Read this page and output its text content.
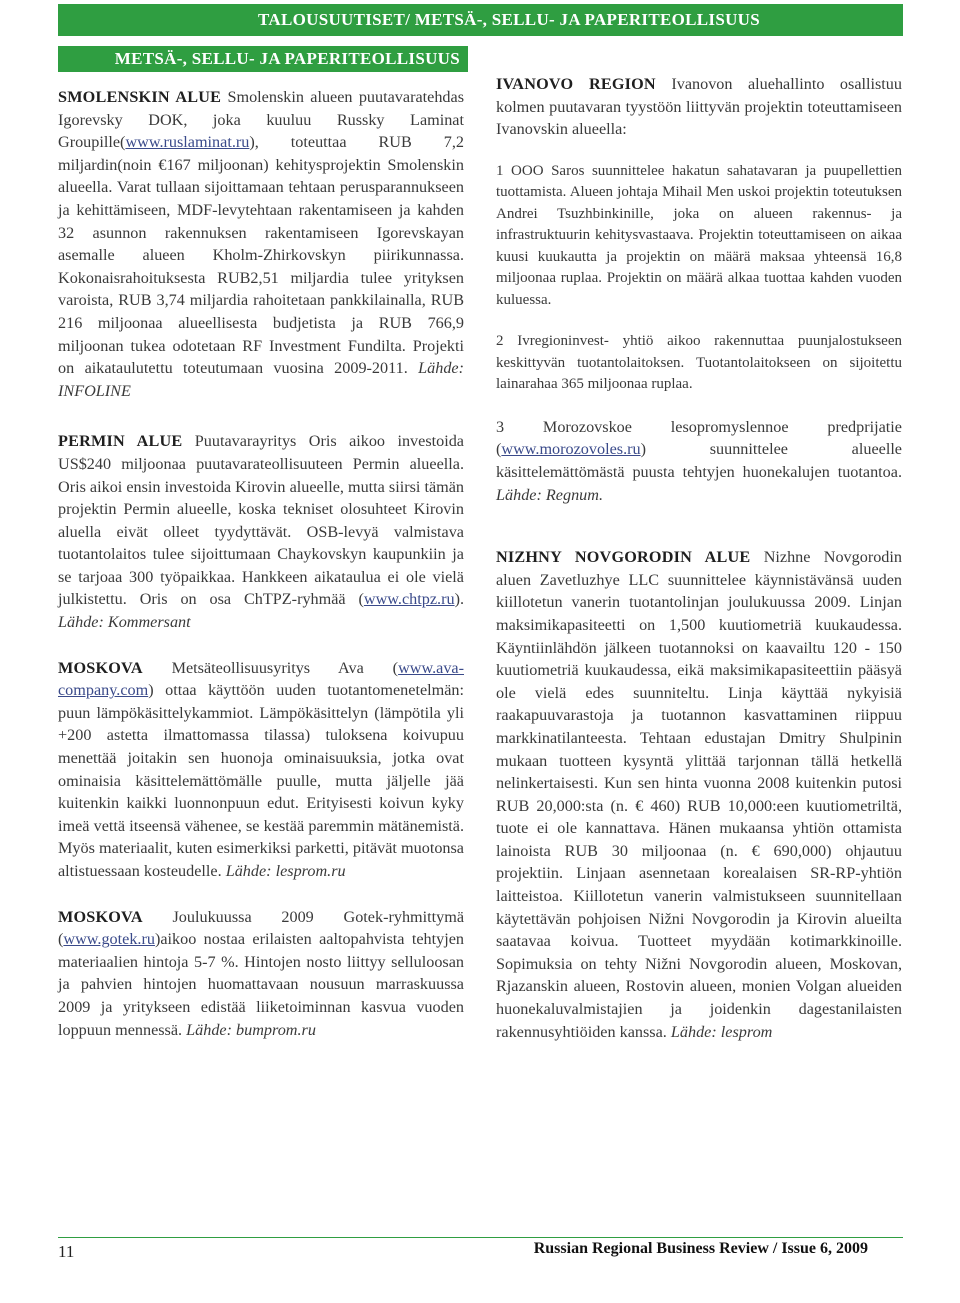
TALOUSUUTISET/ METSÄ-, SELLU- JA PAPERITEOLLISUUS
METSÄ-, SELLU- JA PAPERITEOLLISUUS

SMOLENSKIN ALUE Smolenskin alueen puutavaratehdas Igorevsky DOK, joka kuuluu Russky Laminat Groupille(www.ruslaminat.ru), toteuttaa RUB 7,2 miljardin(noin €167 miljoonan) kehitysprojektin Smolenskin alueella. Varat tullaan sijoittamaan tehtaan perusparannukseen ja kehittämiseen, MDF-levytehtaan rakentamiseen ja kahden 32 asunnon rakennuksen rakentamiseen Igorevskayan asemalle alueen Kholm-Zhirkovskyn piirikunnassa. Kokonaisrahoituksesta RUB2,51 miljardia tulee yrityksen varoista, RUB 3,74 miljardia rahoitetaan pankkilainalla, RUB 216 miljoonaa alueellisesta budjetista ja RUB 766,9 miljoonan tukea odotetaan RF Investment Fundilta. Projekti on aikataulutettu toteutumaan vuosina 2009-2011. Lähde: INFOLINE

PERMIN ALUE Puutavarayritys Oris aikoo investoida US$240 miljoonaa puutavarateollisuuteen Permin alueella. Oris aikoi ensin investoida Kirovin alueelle, mutta siirsi tämän projektin Permin alueelle, koska tekniset olosuhteet Kirovin aluella eivät olleet tyydyttävät. OSB-levyä valmistava tuotantolaitos tulee sijoittumaan Chaykovskyn kaupunkiin ja se tarjoaa 300 työpaikkaa. Hankkeen aikataulua ei ole vielä julkistettu. Oris on osa ChTPZ-ryhmää (www.chtpz.ru). Lähde: Kommersant

MOSKOVA Metsäteollisuusyritys Ava (www.ava-company.com) ottaa käyttöön uuden tuotantomenetelmän: puun lämpökäsittelykammiot. Lämpökäsittelyn (lämpötila yli +200 astetta ilmattomassa tilassa) tuloksena koivupuu menettää joitakin sen huonoja ominaisuuksia, jotka ovat ominaisia käsittelemättömälle puulle, mutta jäljelle jää kuitenkin kaikki luonnonpuun edut. Erityisesti koivun kyky imeä vettä itseensä vähenee, se kestää paremmin mätänemistä. Myös materiaalit, kuten esimerkiksi parketti, pitävät muotonsa altistuessaan kosteudelle. Lähde: lesprom.ru

MOSKOVA Joulukuussa 2009 Gotek-ryhmittymä (www.gotek.ru)aikoo nostaa erilaisten aaltopahvista tehtyjen materiaalien hintoja 5-7 %. Hintojen nosto liittyy selluloosan ja pahvien hintojen huomattavaan nousuun marraskuussa 2009 ja yritykseen edistää liiketoiminnan kasvua vuoden loppuun mennessä. Lähde: bumprom.ru

IVANOVO REGION Ivanovon aluehallinto osallistuu kolmen puutavaran tyystöön liittyvän projektin toteuttamiseen Ivanovskin alueella:

1 OOO Saros suunnittelee hakatun sahatavaran ja puupellettien tuottamista. Alueen johtaja Mihail Men uskoi projektin toteutuksen Andrei Tsuzhbinkinille, joka on alueen rakennus- ja infrastruktuurin kehitysvastaava. Projektin toteuttamiseen on aikaa kuusi kuukautta ja projektin on määrä maksaa yhteensä 16,8 miljoonaa ruplaa. Projektin on määrä alkaa tuottaa kahden vuoden kuluessa.

2 Ivregioninvest- yhtiö aikoo rakennuttaa puunjalostukseen keskittyvän tuotantolaitoksen. Tuotantolaitokseen on sijoitettu lainarahaa 365 miljoonaa ruplaa.

3 Morozovskoe lesopromyslennoe predprijatie (www.morozovoles.ru) suunnittelee alueelle käsittelemättömästä puusta tehtyjen huonekalujen tuotantoa. Lähde: Regnum.

NIZHNY NOVGORODIN ALUE Nizhne Novgorodin aluen Zavetluzhye LLC suunnittelee käynnistävänsä uuden kiillotetun vanerin tuotantolinjan joulukuussa 2009. Linjan maksimikapasiteetti on 1,500 kuutiometriä kuukaudessa. Käyntiinlähdön jälkeen tuotannoksi on kaavailtu 120 - 150 kuutiometriä kuukaudessa, eikä maksimikapasiteettiin pääsyä ole vielä edes suunniteltu. Linja käyttää nykyisiä raakapuuvarastoja ja tuotannon kasvattaminen riippuu markkinatilanteesta. Tehtaan edustajan Dmitry Shulpinin mukaan tuotteen kysyntä ylittää tarjonnan tällä hetkellä nelinkertaisesti. Kun sen hinta vuonna 2008 kuitenkin putosi RUB 20,000:sta (n. € 460) RUB 10,000:een kuutiometriltä, tuote ei ole kannattava. Hänen mukaansa yhtiön ottamista lainoista RUB 30 miljoonaa (n. € 690,000) ohjautuu projektiin. Linjaan asennetaan korealaisen SR-RP-yhtiön laitteistoa. Kiillotetun vanerin valmistukseen suunnitellaan käytettävän pohjoisen Nižni Novgorodin ja Kirovin alueilta saatavaa koivua. Tuotteet myydään kotimarkkinoille. Sopimuksia on tehty Nižni Novgorodin alueen, Moskovan, Rjazanskin alueen, Rostovin alueen, monien Volgan alueiden huonekaluvalmistajien ja joidenkin dagestanilaisten rakennusyhtiöiden kanssa. Lähde: lesprom

11	Russian Regional Business Review / Issue 6, 2009
